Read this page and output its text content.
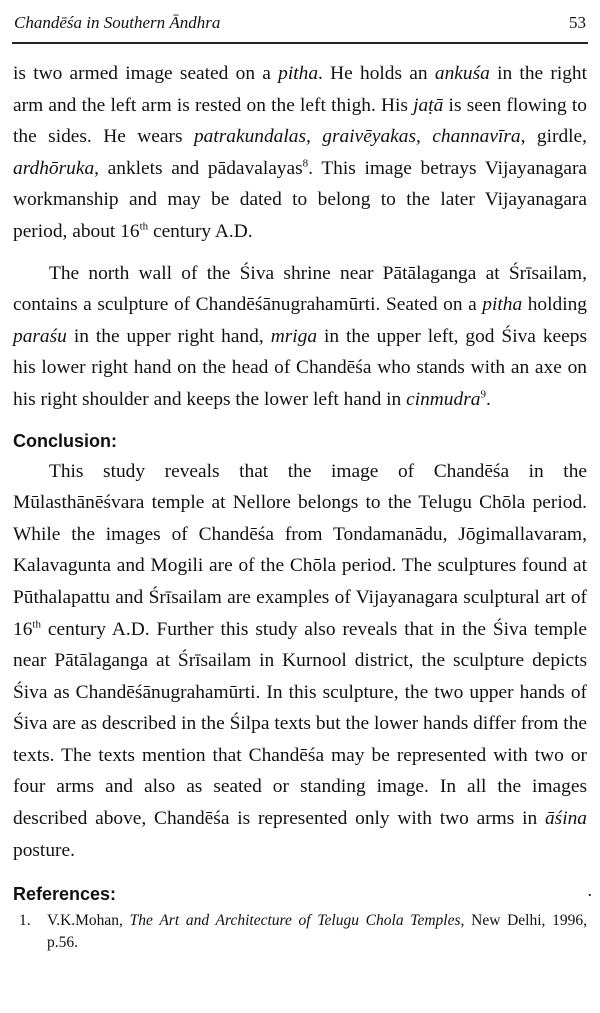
Chandēśa in Southern Āndhra	53

is two armed image seated on a pitha. He holds an ankuśa in the right arm and the left arm is rested on the left thigh. His jaṭā is seen flowing to the sides. He wears patrakundalas, graivēyakas, channavīra, girdle, ardhōruka, anklets and pādavalayas$^8$. This image betrays Vijayanagara workmanship and may be dated to belong to the later Vijayanagara period, about 16th century A.D.

The north wall of the Śiva shrine near Pātālaganga at Śrīsailam, contains a sculpture of Chandēśānugrahamūrti. Seated on a pitha holding paraśu in the upper right hand, mriga in the upper left, god Śiva keeps his lower right hand on the head of Chandēśa who stands with an axe on his right shoulder and keeps the lower left hand in cinmudra$^9$.

Conclusion:

This study reveals that the image of Chandēśa in the Mūlasthānēśvara temple at Nellore belongs to the Telugu Chōla period. While the images of Chandēśa from Tondamanādu, Jōgimallavaram, Kalavagunta and Mogili are of the Chōla period. The sculptures found at Pūthalapattu and Śrīsailam are examples of Vijayanagara sculptural art of 16th century A.D. Further this study also reveals that in the Śiva temple near Pātālaganga at Śrīsailam in Kurnool district, the sculpture depicts Śiva as Chandēśānugrahamūrti. In this sculpture, the two upper hands of Śiva are as described in the Śilpa texts but the lower hands differ from the texts. The texts mention that Chandēśa may be represented with two or four arms and also as seated or standing image. In all the images described above, Chandēśa is represented only with two arms in āśina posture.

References:
1.	V.K.Mohan, The Art and Architecture of Telugu Chola Temples, New Delhi, 1996, p.56.
.
